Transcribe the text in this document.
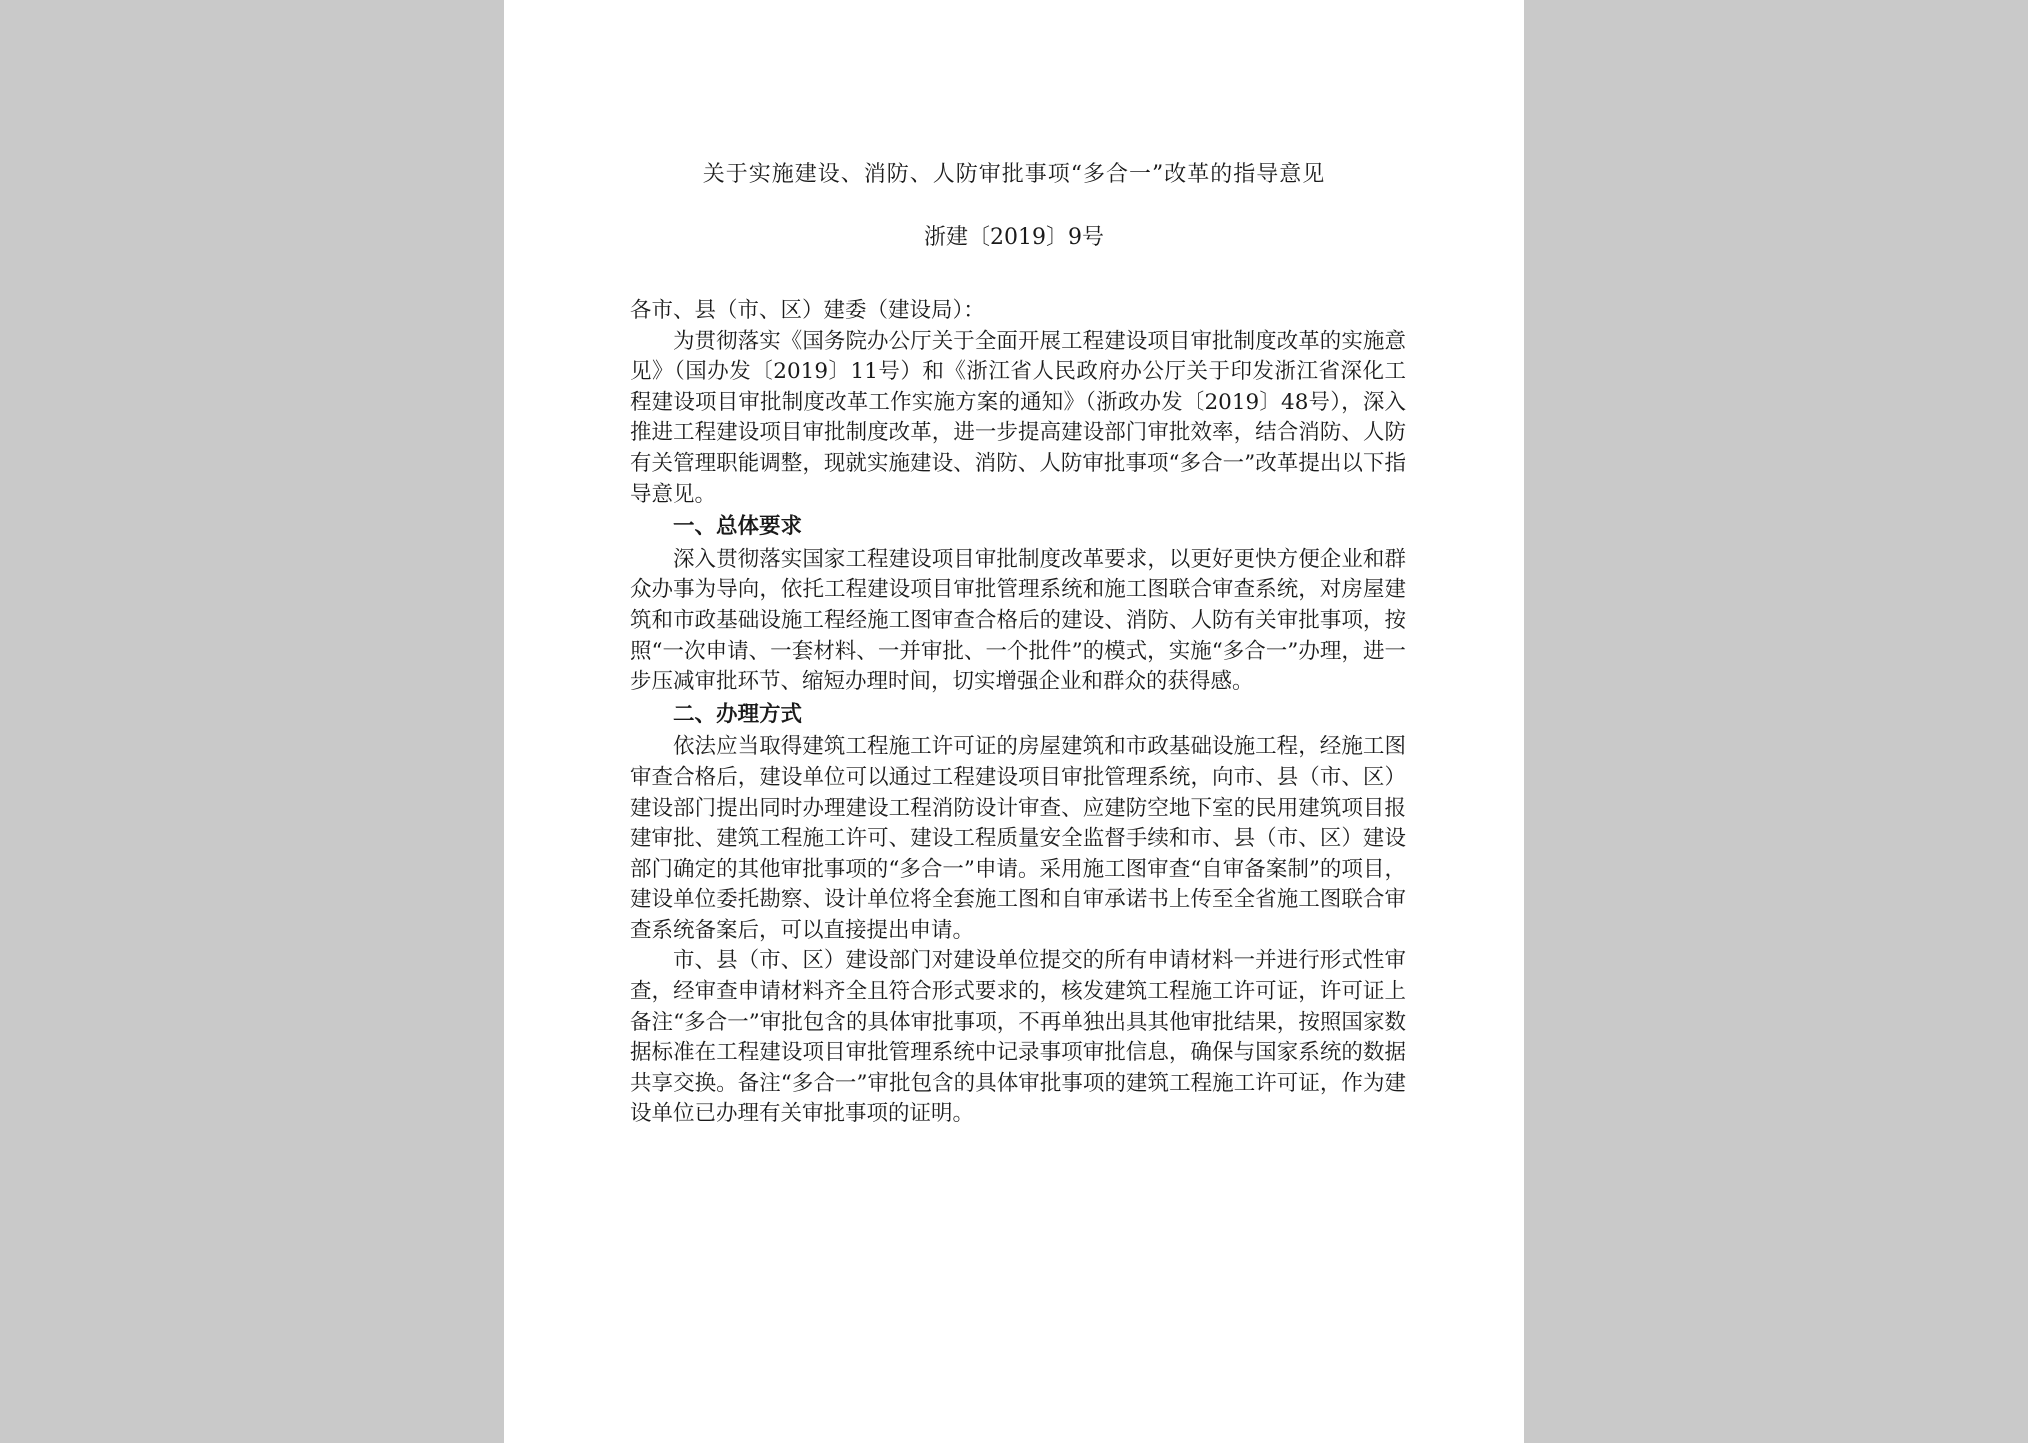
关于实施建设、消防、人防审批事项“多合一”改革的指导意见
浙建〔2019〕9号

各市、县（市、区）建委（建设局）：

为贯彻落实《国务院办公厅关于全面开展工程建设项目审批制度改革的实施意见》（国办发〔2019〕11号）和《浙江省人民政府办公厅关于印发浙江省深化工程建设项目审批制度改革工作实施方案的通知》（浙政办发〔2019〕48号），深入推进工程建设项目审批制度改革，进一步提高建设部门审批效率，结合消防、人防有关管理职能调整，现就实施建设、消防、人防审批事项“多合一”改革提出以下指导意见。

一、总体要求

深入贯彻落实国家工程建设项目审批制度改革要求，以更好更快方便企业和群众办事为导向，依托工程建设项目审批管理系统和施工图联合审查系统，对房屋建筑和市政基础设施工程经施工图审查合格后的建设、消防、人防有关审批事项，按照“一次申请、一套材料、一并审批、一个批件”的模式，实施“多合一”办理，进一步压减审批环节、缩短办理时间，切实增强企业和群众的获得感。

二、办理方式

依法应当取得建筑工程施工许可证的房屋建筑和市政基础设施工程，经施工图审查合格后，建设单位可以通过工程建设项目审批管理系统，向市、县（市、区）建设部门提出同时办理建设工程消防设计审查、应建防空地下室的民用建筑项目报建审批、建筑工程施工许可、建设工程质量安全监督手续和市、县（市、区）建设部门确定的其他审批事项的“多合一”申请。采用施工图审查“自审备案制”的项目，建设单位委托勘察、设计单位将全套施工图和自审承诺书上传至全省施工图联合审查系统备案后，可以直接提出申请。

市、县（市、区）建设部门对建设单位提交的所有申请材料一并进行形式性审查，经审查申请材料齐全且符合形式要求的，核发建筑工程施工许可证，许可证上备注“多合一”审批包含的具体审批事项，不再单独出具其他审批结果，按照国家数据标准在工程建设项目审批管理系统中记录事项审批信息，确保与国家系统的数据共享交换。备注“多合一”审批包含的具体审批事项的建筑工程施工许可证，作为建设单位已办理有关审批事项的证明。
